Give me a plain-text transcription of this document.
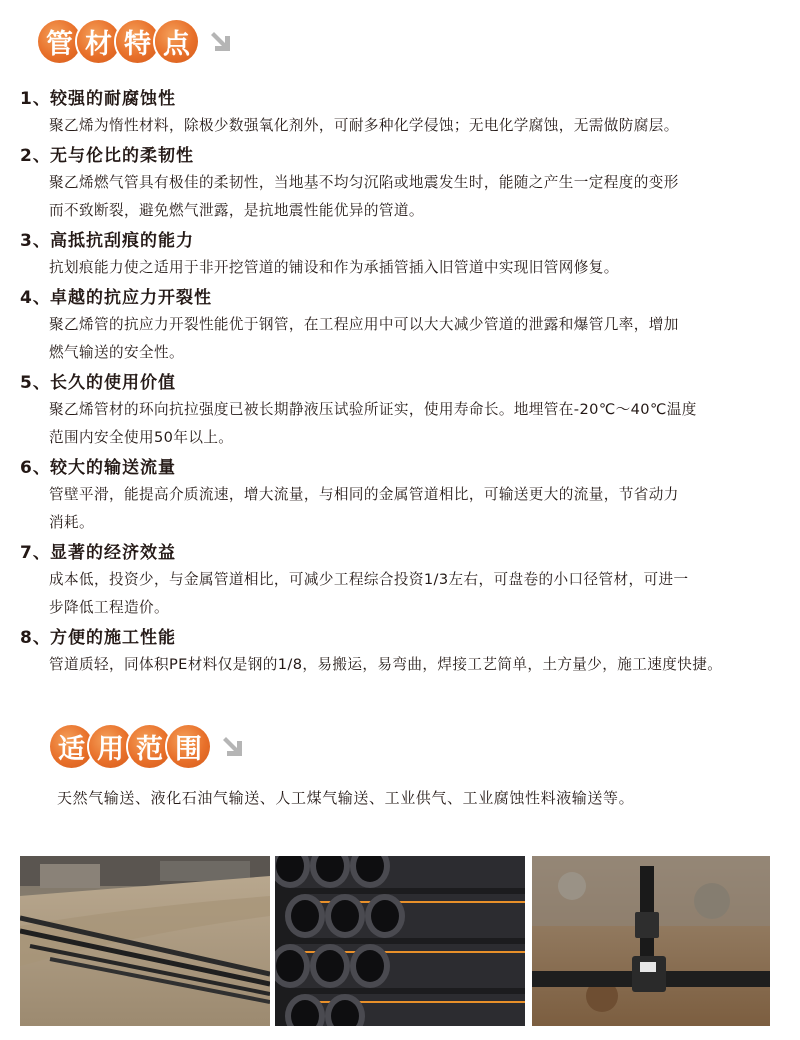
管 材 特 点
1、较强的耐腐蚀性
聚乙烯为惰性材料，除极少数强氧化剂外，可耐多种化学侵蚀；无电化学腐蚀，无需做防腐层。
2、无与伦比的柔韧性
聚乙烯燃气管具有极佳的柔韧性，当地基不均匀沉陷或地震发生时，能随之产生一定程度的变形
而不致断裂，避免燃气泄露，是抗地震性能优异的管道。
3、高抵抗刮痕的能力
抗划痕能力使之适用于非开挖管道的铺设和作为承插管插入旧管道中实现旧管网修复。
4、卓越的抗应力开裂性
聚乙烯管的抗应力开裂性能优于钢管，在工程应用中可以大大减少管道的泄露和爆管几率，增加
燃气输送的安全性。
5、长久的使用价值
聚乙烯管材的环向抗拉强度已被长期静液压试验所证实，使用寿命长。地埋管在-20℃～40℃温度
范围内安全使用50年以上。
6、较大的输送流量
管壁平滑，能提高介质流速，增大流量，与相同的金属管道相比，可输送更大的流量，节省动力
消耗。
7、显著的经济效益
成本低，投资少，与金属管道相比，可减少工程综合投资1/3左右，可盘卷的小口径管材，可进一
步降低工程造价。
8、方便的施工性能
管道质轻，同体积PE材料仅是钢的1/8，易搬运，易弯曲，焊接工艺简单，土方量少，施工速度快捷。
适 用 范 围
天然气输送、液化石油气输送、人工煤气输送、工业供气、工业腐蚀性料液输送等。
